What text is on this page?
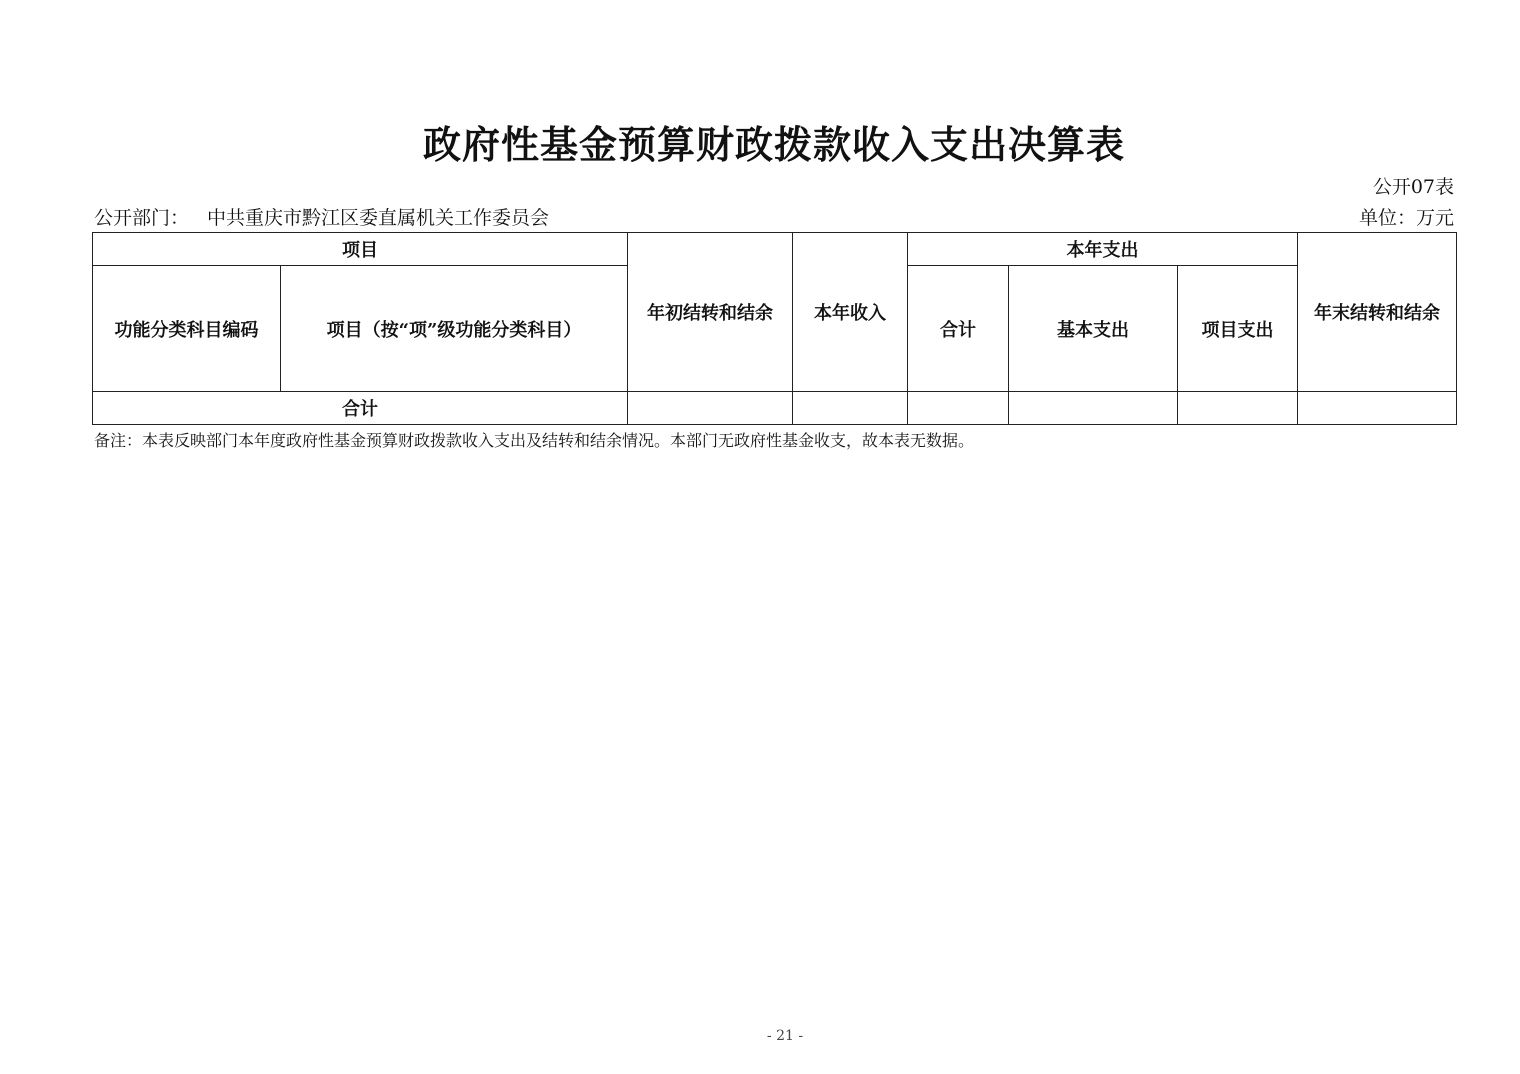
政府性基金预算财政拨款收入支出决算表
公开07表
公开部门： 中共重庆市黔江区委直属机关工作委员会	单位：万元
项目		年初结转和结余	本年收入	本年支出			年末结转和结余
功能分类科目编码	项目（按“项”级功能分类科目）			合计	基本支出	项目支出	
合计							
备注：本表反映部门本年度政府性基金预算财政拨款收入支出及结转和结余情况。本部门无政府性基金收支，故本表无数据。
- 21 -
